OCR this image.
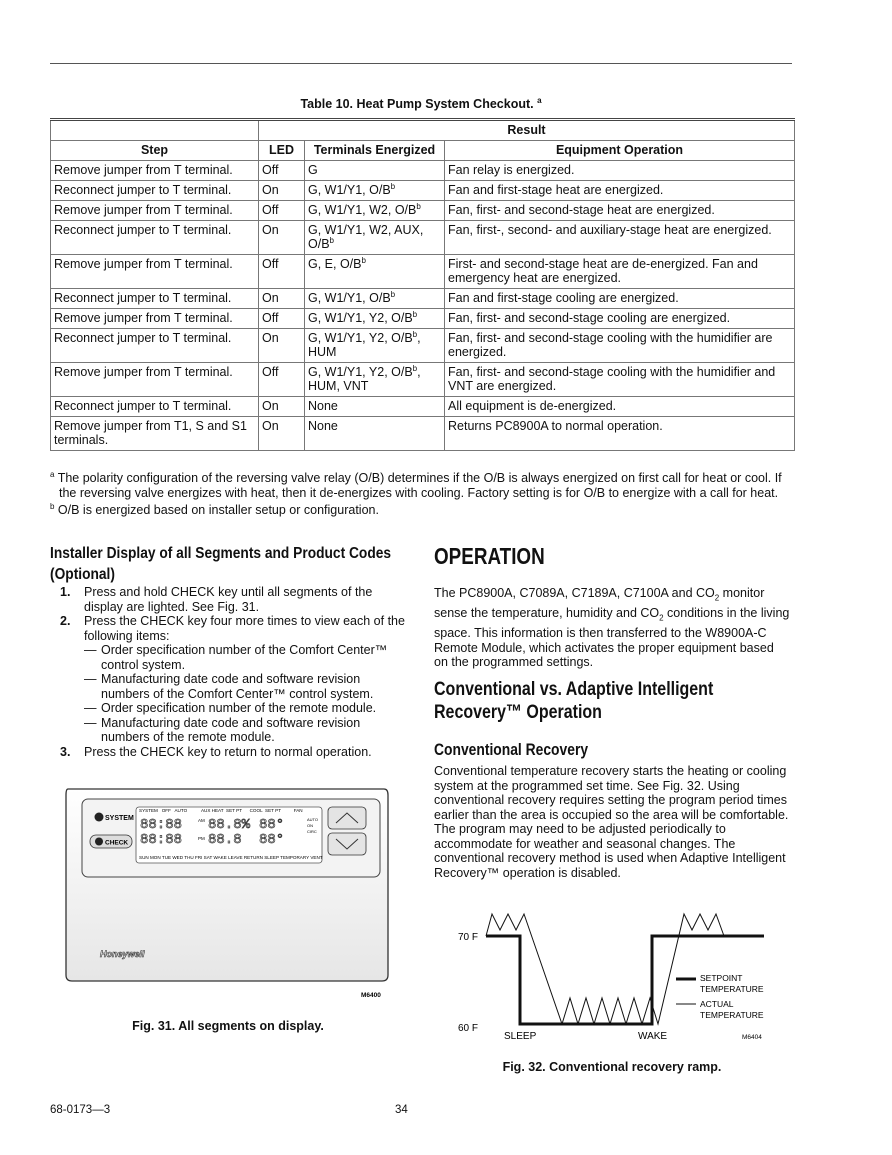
Table 10. Heat Pump System Checkout. $^a$
	Result		
Step	LED	Terminals Energized	Equipment Operation
Remove jumper from T terminal.	Off	G	Fan relay is energized.
Reconnect jumper to T terminal.	On	G, W1/Y1, O/B$^b$	Fan and first-stage heat are energized.
Remove jumper from T terminal.	Off	G, W1/Y1, W2, O/B$^b$	Fan, first- and second-stage heat are energized.
Reconnect jumper to T terminal.	On	G, W1/Y1, W2, AUX, O/B$^b$	Fan, first-, second- and auxiliary-stage heat are energized.
Remove jumper from T terminal.	Off	G, E, O/B$^b$	First- and second-stage heat are de-energized. Fan and emergency heat are energized.
Reconnect jumper to T terminal.	On	G, W1/Y1, O/B$^b$	Fan and first-stage cooling are energized.
Remove jumper from T terminal.	Off	G, W1/Y1, Y2, O/B$^b$	Fan, first- and second-stage cooling are energized.
Reconnect jumper to T terminal.	On	G, W1/Y1, Y2, O/B$^b$, HUM	Fan, first- and second-stage cooling with the humidifier are energized.
Remove jumper from T terminal.	Off	G, W1/Y1, Y2, O/B$^b$, HUM, VNT	Fan, first- and second-stage cooling with the humidifier and VNT are energized.
Reconnect jumper to T terminal.	On	None	All equipment is de-energized.
Remove jumper from T1, S and S1 terminals.	On	None	Returns PC8900A to normal operation.

$^a$ The polarity configuration of the reversing valve relay (O/B) determines if the O/B is always energized on first call for heat or cool. If the reversing valve energizes with heat, then it de-energizes with cooling. Factory setting is for O/B to energize with a call for heat.

$^b$ O/B is energized based on installer setup or configuration.

Installer Display of all Segments and Product Codes (Optional)
1. Press and hold CHECK key until all segments of the display are lighted. See Fig. 31.
2. Press the CHECK key four more times to view each of the following items:
— Order specification number of the Comfort Center™ control system.
— Manufacturing date code and software revision numbers of the Comfort Center™ control system.
— Order specification number of the remote module.
— Manufacturing date code and software revision numbers of the remote module.
3. Press the CHECK key to return to normal operation.
SYSTEM
CHECK
SYSTEM   OFF   AUTO           AUX HEAT  SET PT      COOL  SET PT          FAN
88:88
88:88
88.8%
88.8
88°
88°
AM
PM
AUTO
ON
CIRC
SUN MON TUE WED THU FRI SAT WAKE LEAVE RETURN SLEEP TEMPORARY VENT
Honeywell
M6400
Fig. 31. All segments on display.
OPERATION

The PC8900A, C7089A, C7189A, C7100A and $CO_2$ monitor sense the temperature, humidity and $CO_2$ conditions in the living space. This information is then transferred to the W8900A-C Remote Module, which activates the proper equipment based on the programmed settings.

Conventional vs. Adaptive Intelligent Recovery™ Operation
Conventional Recovery

Conventional temperature recovery starts the heating or cooling system at the programmed set time. See Fig. 32. Using conventional recovery requires setting the program period times earlier than the area is occupied so the area will be comfortable. The program may need to be adjusted periodically to accommodate for weather and seasonal changes. The conventional recovery method is used when Adaptive Intelligent Recovery™ operation is disabled.

70 F
60 F
SLEEP	WAKE
SETPOINT
TEMPERATURE
ACTUAL
TEMPERATURE
M6404
Fig. 32. Conventional recovery ramp.
68-0173—3	34
